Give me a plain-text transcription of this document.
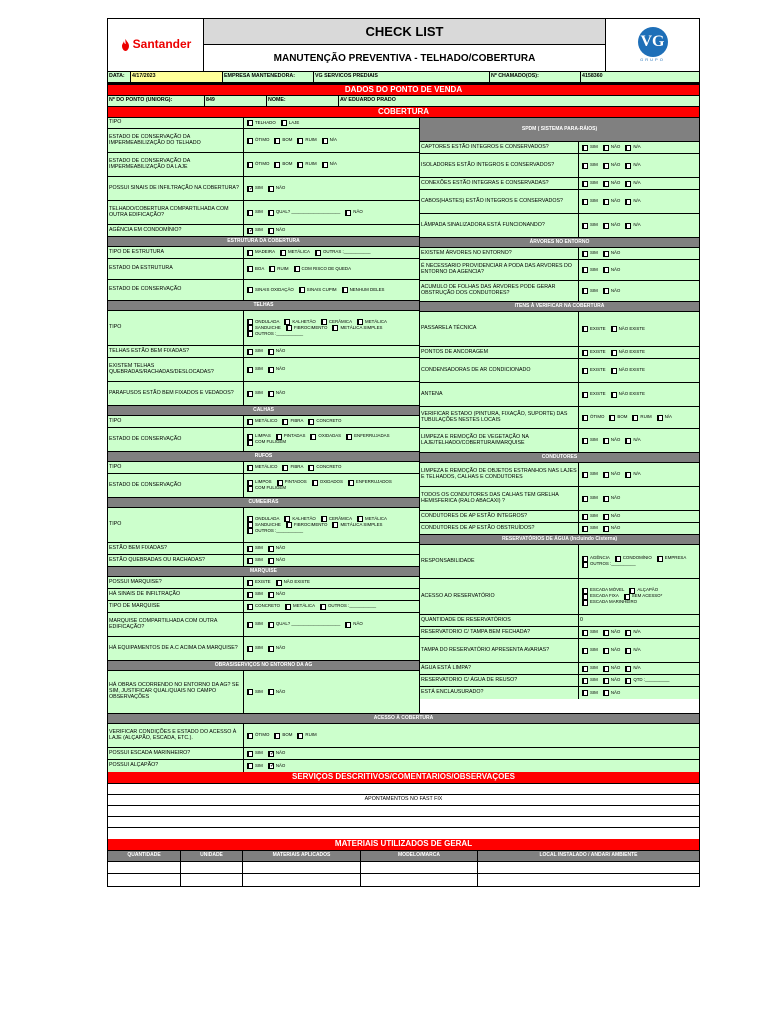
Santander
CHECK LIST
MANUTENÇÃO PREVENTIVA - TELHADO/COBERTURA
VG
GRUPO
DATA:	4/17/2023	EMPRESA MANTENEDORA:	VG SERVICOS PREDIAIS	Nº CHAMADO(OS):	4158360
DADOS DO PONTO DE VENDA
Nº DO PONTO (UNIORG):	849	NOME:	AV EDUARDO PRADO
COBERTURA
TIPO	TELHADO	LAJE
ESTADO DE CONSERVAÇÃO DA IMPERMEABILIZAÇÃO DO TELHADO	ÓTIMO	BOM	RUIM	N/A
ESTADO DE CONSERVAÇÃO DA IMPERMEABILIZAÇÃO DA LAJE	ÓTIMO	BOM	RUIM	N/A
POSSUI SINAIS DE INFILTRAÇÃO NA COBERTURA? ✓	SIM	NÃO
TELHADO/COBERTURA COMPARTILHADA COM OUTRA EDIFICAÇÃO?	SIM	QUAL? ____________________	NÃO
AGÊNCIA EM CONDOMÍNIO? ✓	SIM	NÃO
ESTRUTURA DA COBERTURA
TIPO DE ESTRUTURA	MADEIRA	METÁLICA	OUTRAS :___________
ESTADO DA ESTRUTURA	BOA	RUIM	COM RISCO DE QUEDA
ESTADO DE CONSERVAÇÃO	SINAIS OXIDAÇÃO	SINAIS CUPIM	NENHUM DELES
TELHAS
TIPO
ONDULADA	KALHETÃO	CERÂMICA	METÁLICA
SANDUICHE	FIBROCIMENTO	METÁLICA SIMPLES
OUTROS :___________
TELHAS ESTÃO BEM FIXADAS?	SIM	NÃO
EXISTEM TELHAS QUEBRADAS/RACHADAS/DESLOCADAS?	SIM	NÃO
PARAFUSOS ESTÃO BEM FIXADOS E VEDADOS?	SIM	NÃO
CALHAS
TIPO	METÁLICO	FIBRA	CONCRETO
ESTADO DE CONSERVAÇÃO	LIMPAS	PINTADAS	OXIDADAS	ENFERRUJADAS
COM FULIGEM
RUFOS
TIPO	METÁLICO	FIBRA	CONCRETO
ESTADO DE CONSERVAÇÃO	LIMPOS	PINTADOS	OXIDADOS	ENFERRUJADOS
COM FULIGEM
CUMEEIRAS
TIPO
ONDULADA	KALHETÃO	CERÂMICA	METÁLICA
SANDUICHE	FIBROCIMENTO	METÁLICA SIMPLES
OUTROS :___________
ESTÃO BEM FIXADAS?	SIM	NÃO
ESTÃO QUEBRADAS OU RACHADAS?	SIM	NÃO
MARQUISE
POSSUI MARQUISE?	EXISTE	NÃO EXISTE
HÁ SINAIS DE INFILTRAÇÃO	SIM	NÃO
TIPO DE MARQUISE	CONCRETO	METÁLICA	OUTROS :___________
MARQUISE COMPARTILHADA COM OUTRA EDIFICAÇÃO?	SIM	QUAL? ____________________	NÃO
HÁ EQUIPAMENTOS DE A.C ACIMA DA MARQUISE?	SIM	NÃO
OBRAS/SERVIÇOS NO ENTORNO DA AG
HÁ OBRAS OCORRENDO NO ENTORNO DA AG? SE SIM, JUSTIFICAR QUAL/QUAIS NO CAMPO OBSERVAÇÕES
SIM	NÃO
SPDM ( SISTEMA PARA-RÁIOS)
CAPTORES ESTÃO INTEGROS E CONSERVADOS?	SIM	NÃO	N/A
ISOLADORES ESTÃO INTEGROS E CONSERVADOS?	SIM	NÃO	N/A
CONEXÕES ESTÃO INTEGRAS E CONSERVADAS?	SIM	NÃO	N/A
CABOS(HASTES) ESTÃO INTEGROS E CONSERVADOS?	SIM	NÃO	N/A
LÂMPADA SINALIZADORA ESTÁ FUNCIONANDO?	SIM	NÃO	N/A
ÁRVORES NO ENTORNO
EXISTEM ÁRVORES NO ENTORNO?	SIM	NÃO
É NECESSARIO PROVIDENCIAR A PODA DAS ARVORES DO ENTORNO DA AGENCIA?	SIM	NÃO
ACUMULO DE FOLHAS DAS ÁRVORES PODE GERAR OBSTRUÇÃO DOS CONDUTORES?	SIM	NÃO
ITENS À VERIFICAR NA COBERTURA
PASSARELA TÉCNICA	EXISTE	NÃO EXISTE
PONTOS DE ANCORAGEM	EXISTE	NÃO EXISTE
CONDENSADORAS DE AR CONDICIONADO	EXISTE	NÃO EXISTE
ANTENA	EXISTE	NÃO EXISTE
VERIFICAR ESTADO (PINTURA, FIXAÇÃO, SUPORTE) DAS TUBULAÇÕES NESTES LOCAIS	ÓTIMO	BOM	RUIM	N/A
LIMPEZA E REMOÇÃO DE VEGETAÇÃO NA LAJE/TELHADO/COBERTURA/MARQUISE	SIM	NÃO	N/A
CONDUTORES
LIMPEZA E REMOÇÃO DE OBJETOS ESTRANHOS NAS LAJES E TELHADOS, CALHAS E CONDUTORES	SIM	NÃO	N/A
TODOS OS CONDUTORES DAS CALHAS TEM GRELHA HEMISFERICA (RALO ABACAXI) ?	SIM	NÃO
CONDUTORES DE AP ESTÃO INTEGROS?	SIM	NÃO
CONDUTORES DE AP ESTÃO OBSTRUÍDOS?	SIM	NÃO
RESERVATÓRIOS DE ÁGUA (Incluindo Cisterna)
RESPONSABILIDADE	AGÊNCIA	CONDOMÍNIO	EMPRESA
OUTROS :__________
ACESSO AO RESERVATÓRIO
ESCADA MÓVEL	ALÇAPÃO
ESCADA FIXA	SEM ACESSO*
ESCADA MARINHEIRO
QUANTIDADE DE RESERVATÓRIOS	0
RESERVATORIO C/ TAMPA BEM FECHADA?	SIM	NÃO	N/A
TAMPA DO RESERVATÓRIO APRESENTA AVARIAS?	SIM	NÃO	N/A
ÁGUA ESTÁ LIMPA?	SIM	NÃO	N/A
RESERVATORIO C/ ÁGUA DE REUSO?	SIM	NÃO	QTD :__________
ESTÁ ENCLAUSURADO?	SIM	NÃO
ACESSO À COBERTURA
VERIFICAR CONDIÇÕES E ESTADO DO ACESSO À LAJE (ALÇAPÃO, ESCADA, ETC.).	ÓTIMO	BOM	RUIM
POSSUI ESCADA MARINHEIRO?	SIM ✓	NÃO
POSSUI ALÇAPÃO?	SIM ✓	NÃO
SERVIÇOS DESCRITIVOS/COMENTARIOS/OBSERVAÇOES
APONTAMENTOS NO FAST FIX
MATERIAIS UTILIZADOS DE GERAL
QUANTIDADE	UNIDADE	MATERIAIS APLICADOS	MODELO/MARCA	LOCAL INSTALADO / ANDAR/ AMBIENTE
